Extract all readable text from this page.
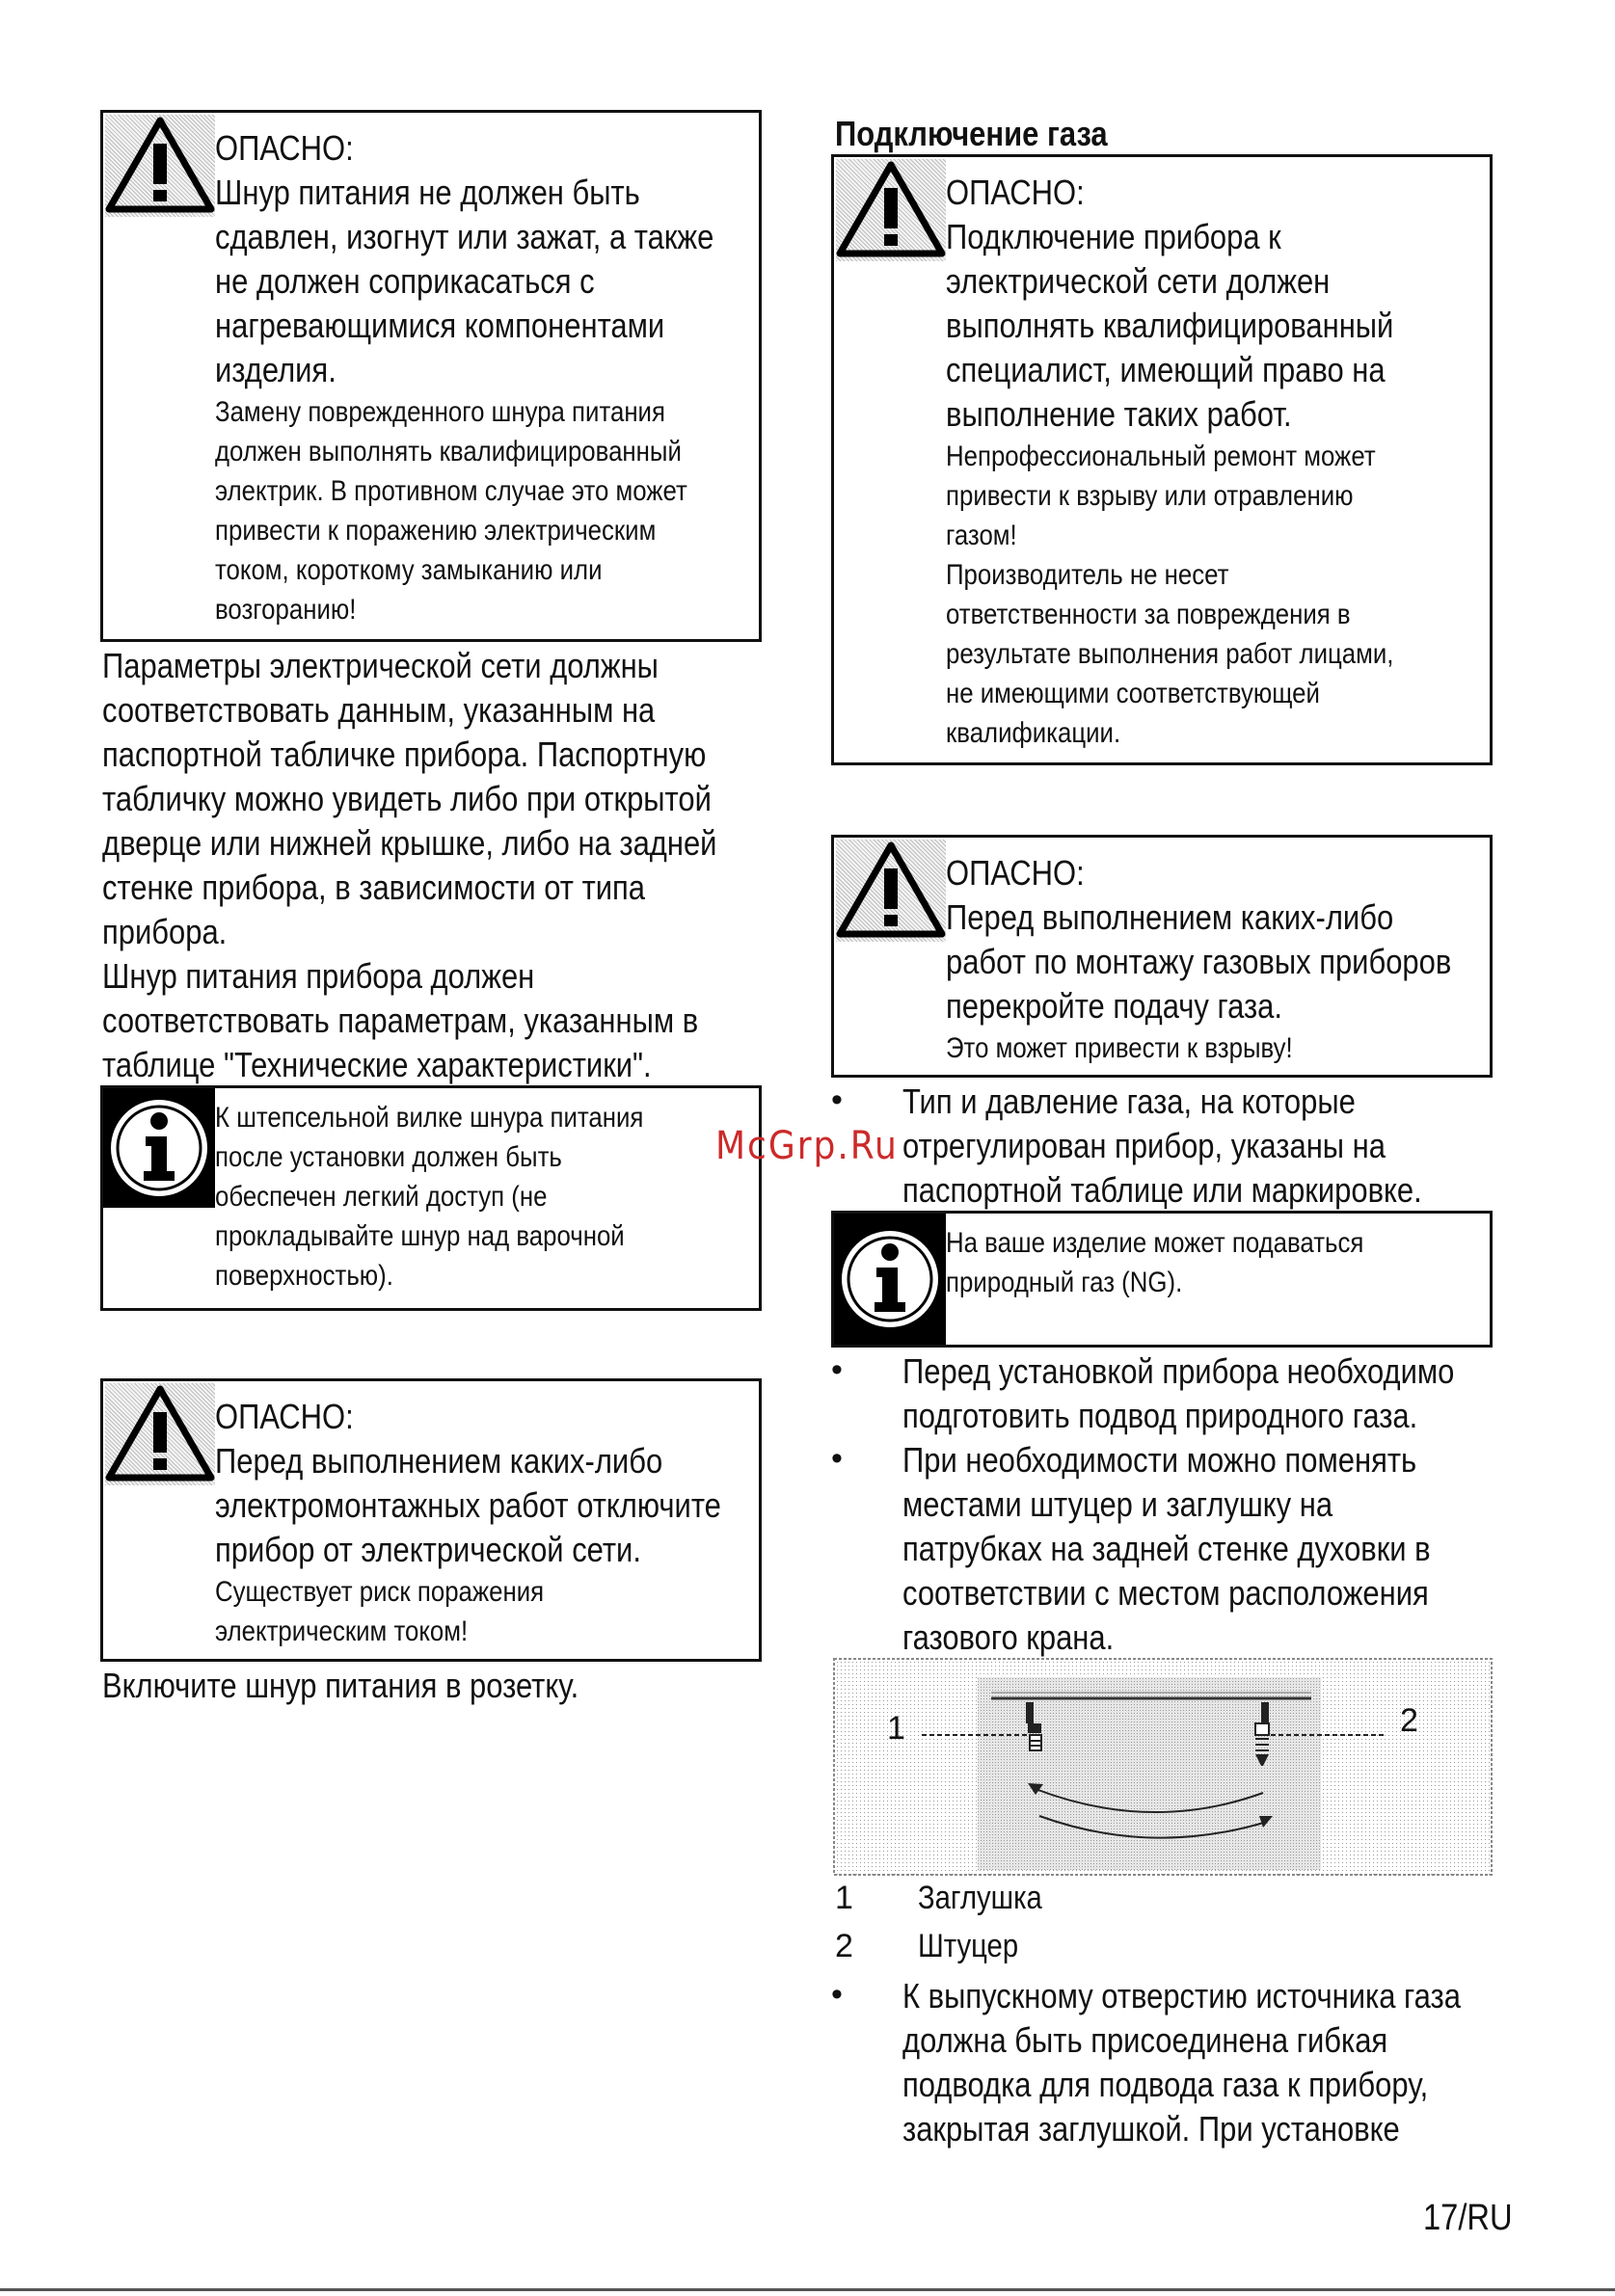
ОПАСНО:
Шнур питания не должен быть
сдавлен, изогнут или зажат, а также
не должен соприкасаться с
нагревающимися компонентами
изделия.
Замену поврежденного шнура питания
должен выполнять квалифицированный
электрик. В противном случае это может
привести к поражению электрическим
током, короткому замыканию или
возгоранию!
Параметры электрической сети должны
соответствовать данным, указанным на
паспортной табличке прибора. Паспортную
табличку можно увидеть либо при открытой
дверце или нижней крышке, либо на задней
стенке прибора, в зависимости от типа
прибора.
Шнур питания прибора должен
соответствовать параметрам, указанным в
таблице "Технические характеристики".
К штепсельной вилке шнура питания
после установки должен быть
обеспечен легкий доступ (не
прокладывайте шнур над варочной
поверхностью).
ОПАСНО:
Перед выполнением каких-либо
электромонтажных работ отключите
прибор от электрической сети.
Существует риск поражения
электрическим током!
Включите шнур питания в розетку.
Подключение газа
ОПАСНО:
Подключение прибора к
электрической сети должен
выполнять квалифицированный
специалист, имеющий право на
выполнение таких работ.
Непрофессиональный ремонт может
привести к взрыву или отравлению
газом!
Производитель не несет
ответственности за повреждения в
результате выполнения работ лицами,
не имеющими соответствующей
квалификации.
ОПАСНО:
Перед выполнением каких-либо
работ по монтажу газовых приборов
перекройте подачу газа.
Это может привести к взрыву!
• Тип и давление газа, на которые
отрегулирован прибор, указаны на
паспортной таблице или маркировке.
На ваше изделие может подаваться
природный газ (NG).
• Перед установкой прибора необходимо
подготовить подвод природного газа.
• При необходимости можно поменять
местами штуцер и заглушку на
патрубках на задней стенке духовки в
соответствии с местом расположения
газового крана.
1	2
1 Заглушка
2 Штуцер
• К выпускному отверстию источника газа
должна быть присоединена гибкая
подводка для подвода газа к прибору,
закрытая заглушкой. При установке
McGrp.Ru
17/RU
